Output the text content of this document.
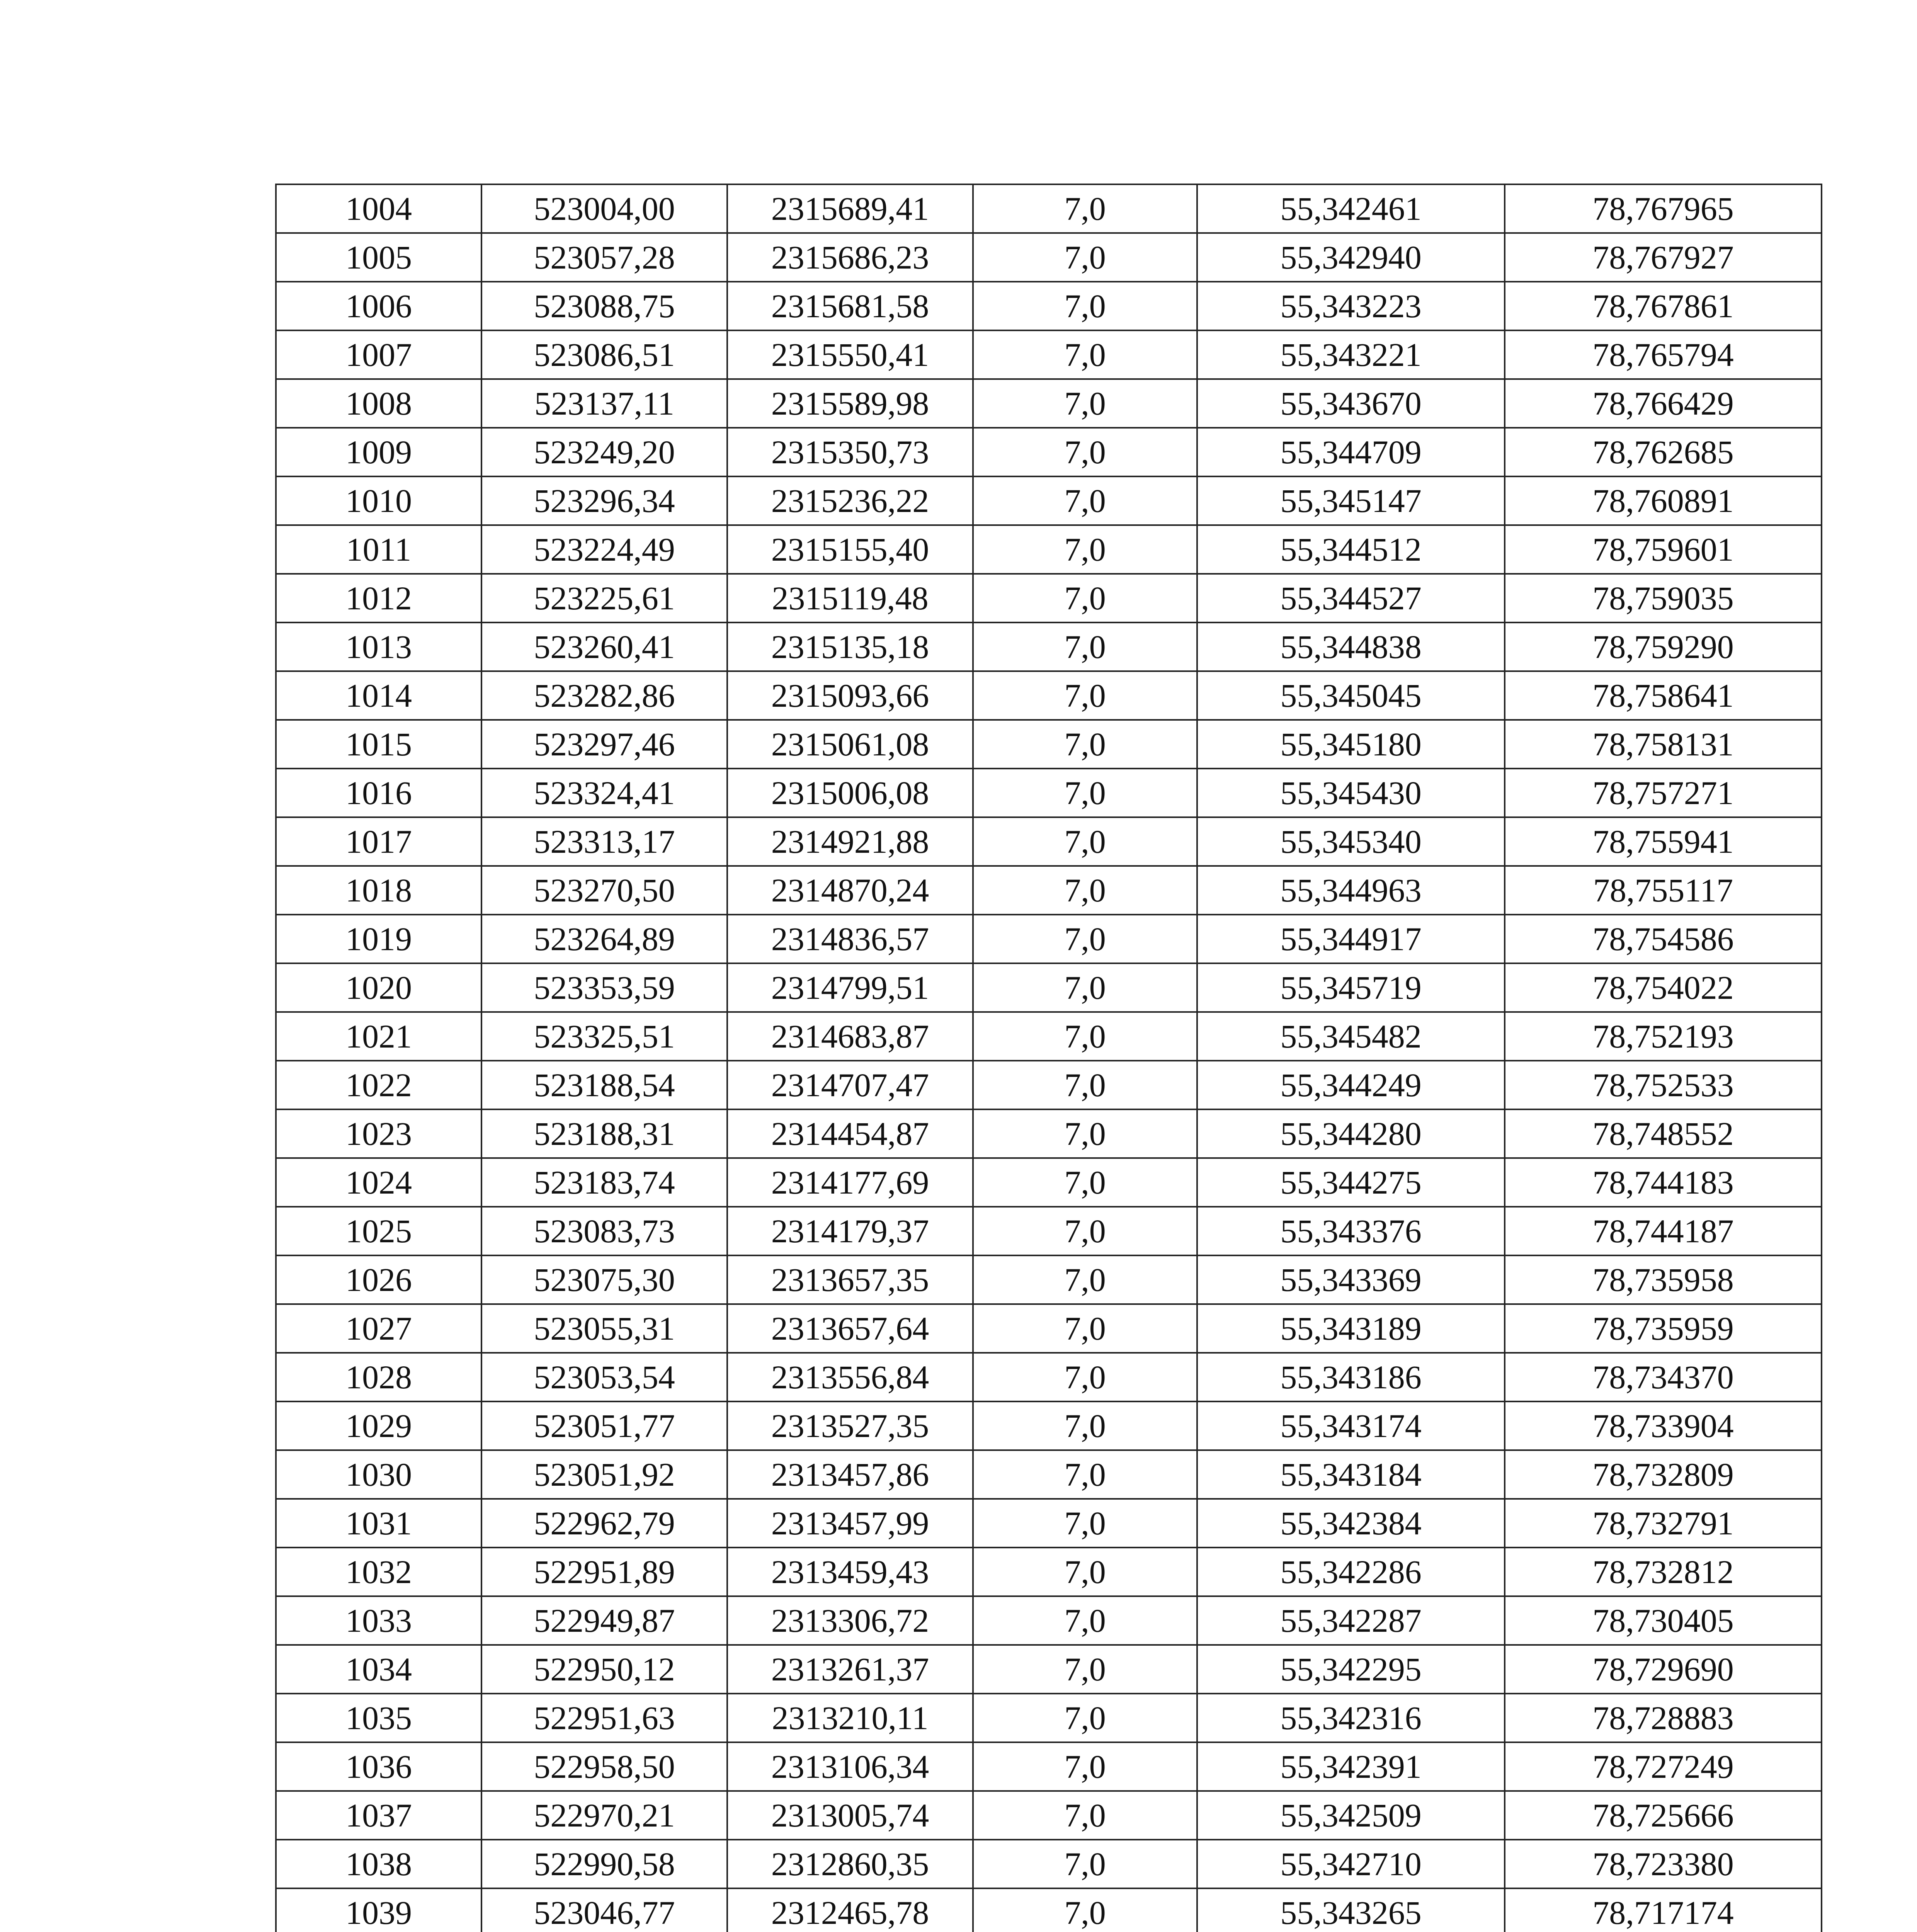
1004	523004,00	2315689,41	7,0	55,342461	78,767965
1005	523057,28	2315686,23	7,0	55,342940	78,767927
1006	523088,75	2315681,58	7,0	55,343223	78,767861
1007	523086,51	2315550,41	7,0	55,343221	78,765794
1008	523137,11	2315589,98	7,0	55,343670	78,766429
1009	523249,20	2315350,73	7,0	55,344709	78,762685
1010	523296,34	2315236,22	7,0	55,345147	78,760891
1011	523224,49	2315155,40	7,0	55,344512	78,759601
1012	523225,61	2315119,48	7,0	55,344527	78,759035
1013	523260,41	2315135,18	7,0	55,344838	78,759290
1014	523282,86	2315093,66	7,0	55,345045	78,758641
1015	523297,46	2315061,08	7,0	55,345180	78,758131
1016	523324,41	2315006,08	7,0	55,345430	78,757271
1017	523313,17	2314921,88	7,0	55,345340	78,755941
1018	523270,50	2314870,24	7,0	55,344963	78,755117
1019	523264,89	2314836,57	7,0	55,344917	78,754586
1020	523353,59	2314799,51	7,0	55,345719	78,754022
1021	523325,51	2314683,87	7,0	55,345482	78,752193
1022	523188,54	2314707,47	7,0	55,344249	78,752533
1023	523188,31	2314454,87	7,0	55,344280	78,748552
1024	523183,74	2314177,69	7,0	55,344275	78,744183
1025	523083,73	2314179,37	7,0	55,343376	78,744187
1026	523075,30	2313657,35	7,0	55,343369	78,735958
1027	523055,31	2313657,64	7,0	55,343189	78,735959
1028	523053,54	2313556,84	7,0	55,343186	78,734370
1029	523051,77	2313527,35	7,0	55,343174	78,733904
1030	523051,92	2313457,86	7,0	55,343184	78,732809
1031	522962,79	2313457,99	7,0	55,342384	78,732791
1032	522951,89	2313459,43	7,0	55,342286	78,732812
1033	522949,87	2313306,72	7,0	55,342287	78,730405
1034	522950,12	2313261,37	7,0	55,342295	78,729690
1035	522951,63	2313210,11	7,0	55,342316	78,728883
1036	522958,50	2313106,34	7,0	55,342391	78,727249
1037	522970,21	2313005,74	7,0	55,342509	78,725666
1038	522990,58	2312860,35	7,0	55,342710	78,723380
1039	523046,77	2312465,78	7,0	55,343265	78,717174
